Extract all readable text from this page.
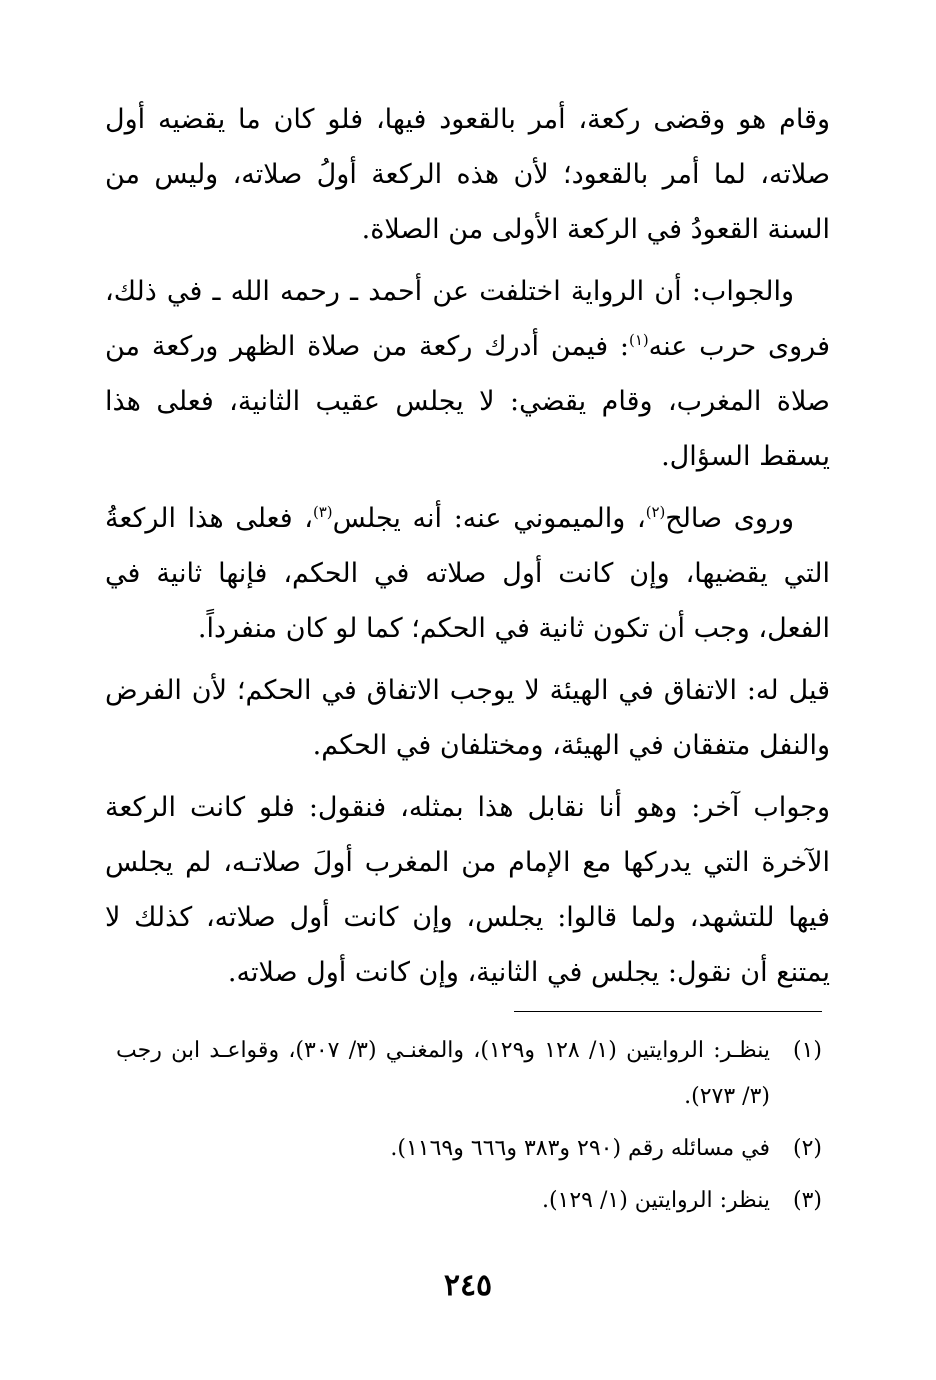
وقام هو وقضى ركعة، أمر بالقعود فيها، فلو كان ما يقضيه أول صلاته، لما أمر بالقعود؛ لأن هذه الركعة أولُ صلاته، وليس من السنة القعودُ في الركعة الأولى من الصلاة.

والجواب: أن الرواية اختلفت عن أحمد ـ رحمه الله ـ في ذلك، فروى حرب عنه$^{(١)}$: فيمن أدرك ركعة من صلاة الظهر وركعة من صلاة المغرب، وقام يقضي: لا يجلس عقيب الثانية، فعلى هذا يسقط السؤال.

وروى صالح$^{(٢)}$، والميموني عنه: أنه يجلس$^{(٣)}$، فعلى هذا الركعةُ التي يقضيها، وإن كانت أول صلاته في الحكم، فإنها ثانية في الفعل، وجب أن تكون ثانية في الحكم؛ كما لو كان منفرداً.

قيل له: الاتفاق في الهيئة لا يوجب الاتفاق في الحكم؛ لأن الفرض والنفل متفقان في الهيئة، ومختلفان في الحكم.

وجواب آخر: وهو أنا نقابل هذا بمثله، فنقول: فلو كانت الركعة الآخرة التي يدركها مع الإمام من المغرب أولَ صلاتـه، لم يجلس فيها للتشهد، ولما قالوا: يجلس، وإن كانت أول صلاته، كذلك لا يمتنع أن نقول: يجلس في الثانية، وإن كانت أول صلاته.

(١)
ينظـر: الروايتين (١/ ١٢٨ و١٢٩)، والمغنـي (٣/ ٣٠٧)، وقواعـد ابن رجب (٣/ ٢٧٣).
(٢)
في مسائله رقم (٢٩٠ و٣٨٣ و٦٦٦ و١١٦٩).
(٣)
ينظر: الروايتين (١/ ١٢٩).
٢٤٥
